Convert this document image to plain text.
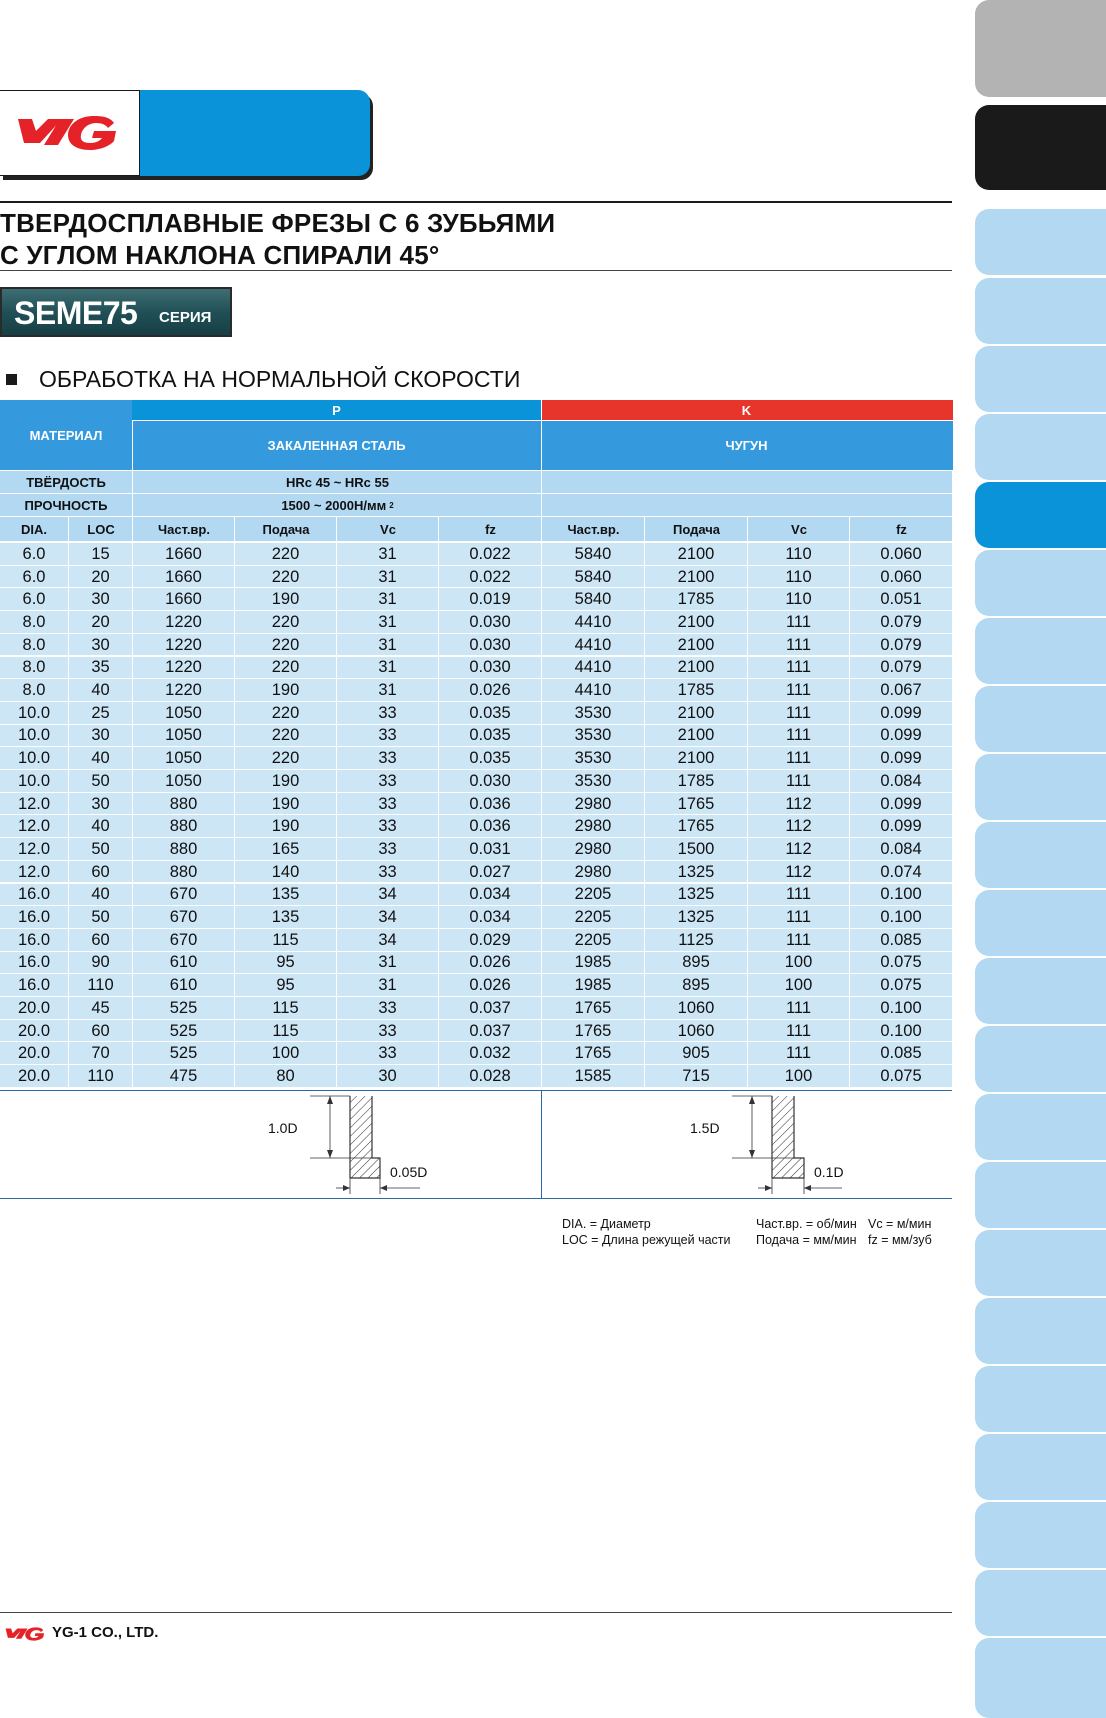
ТВЕРДОСПЛАВНЫЕ ФРЕЗЫ С 6 ЗУБЬЯМИ
С УГЛОМ НАКЛОНА СПИРАЛИ 45°
SEME75 СЕРИЯ
ОБРАБОТКА НА НОРМАЛЬНОЙ СКОРОСТИ
МАТЕРИАЛ
P
ЗАКАЛЕННАЯ СТАЛЬ
K
ЧУГУН
ТВЁРДОСТЬ	HRc 45 ~ HRc 55
ПРОЧНОСТЬ	1500 ~ 2000Н/мм 2
DIA.	LOC	Част.вр.	Подача	Vc	fz	Част.вр.	Подача	Vc	fz
6.0	15	1660	220	31	0.022	5840	2100	110	0.060
6.0	20	1660	220	31	0.022	5840	2100	110	0.060
6.0	30	1660	190	31	0.019	5840	1785	110	0.051
8.0	20	1220	220	31	0.030	4410	2100	111	0.079
8.0	30	1220	220	31	0.030	4410	2100	111	0.079
8.0	35	1220	220	31	0.030	4410	2100	111	0.079
8.0	40	1220	190	31	0.026	4410	1785	111	0.067
10.0	25	1050	220	33	0.035	3530	2100	111	0.099
10.0	30	1050	220	33	0.035	3530	2100	111	0.099
10.0	40	1050	220	33	0.035	3530	2100	111	0.099
10.0	50	1050	190	33	0.030	3530	1785	111	0.084
12.0	30	880	190	33	0.036	2980	1765	112	0.099
12.0	40	880	190	33	0.036	2980	1765	112	0.099
12.0	50	880	165	33	0.031	2980	1500	112	0.084
12.0	60	880	140	33	0.027	2980	1325	112	0.074
16.0	40	670	135	34	0.034	2205	1325	111	0.100
16.0	50	670	135	34	0.034	2205	1325	111	0.100
16.0	60	670	115	34	0.029	2205	1125	111	0.085
16.0	90	610	95	31	0.026	1985	895	100	0.075
16.0	110	610	95	31	0.026	1985	895	100	0.075
20.0	45	525	115	33	0.037	1765	1060	111	0.100
20.0	60	525	115	33	0.037	1765	1060	111	0.100
20.0	70	525	100	33	0.032	1765	905	111	0.085
20.0	110	475	80	30	0.028	1585	715	100	0.075
1.0D
0.05D
1.5D
0.1D
DIA. = Диаметр
LOC = Длина режущей части
Част.вр. = об/мин
Подача = мм/мин
Vc = м/мин
fz = мм/зуб
YG-1 CO., LTD.
